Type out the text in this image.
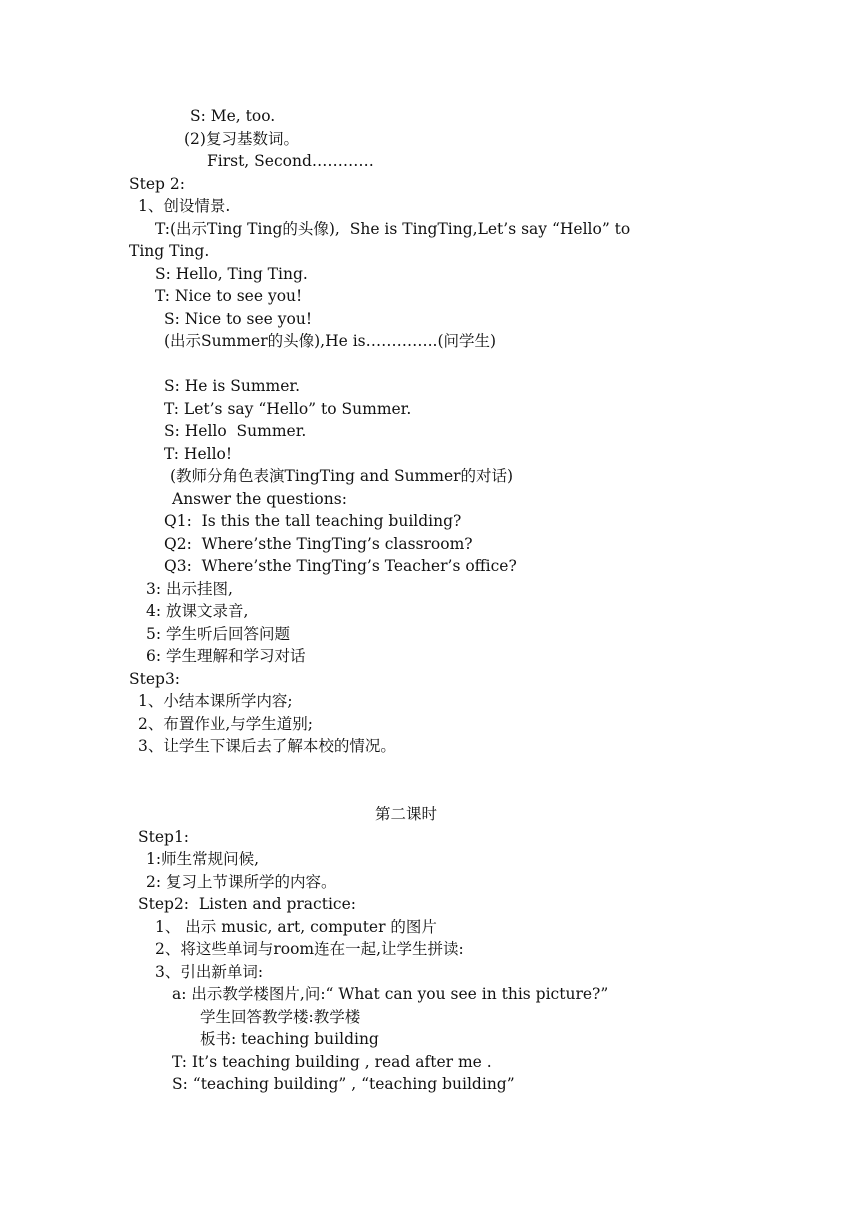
S: Me, too.
(2)复习基数词。
First, Second…………
Step 2:
1、创设情景.
T:(出示Ting Ting的头像),  She is TingTing,Let’s say “Hello” to
Ting Ting.
S: Hello, Ting Ting.
T: Nice to see you!
S: Nice to see you!
(出示Summer的头像),He is…………..(问学生)
S: He is Summer.
T: Let’s say “Hello” to Summer.
S: Hello  Summer.
T: Hello!
(教师分角色表演TingTing and Summer的对话)
Answer the questions:
Q1:  Is this the tall teaching building?
Q2:  Where’sthe TingTing’s classroom?
Q3:  Where’sthe TingTing’s Teacher’s office?
3: 出示挂图,
4: 放课文录音,
5: 学生听后回答问题
6: 学生理解和学习对话
Step3:
1、小结本课所学内容;
2、布置作业,与学生道别;
3、让学生下课后去了解本校的情况。
第二课时
Step1:
1:师生常规问候,
2: 复习上节课所学的内容。
Step2:  Listen and practice:
1、 出示 music, art, computer 的图片
2、将这些单词与room连在一起,让学生拼读:
3、引出新单词:
a: 出示教学楼图片,问:“ What can you see in this picture?”
学生回答教学楼:教学楼
板书: teaching building
T: It’s teaching building , read after me .
S: “teaching building” , “teaching building”
